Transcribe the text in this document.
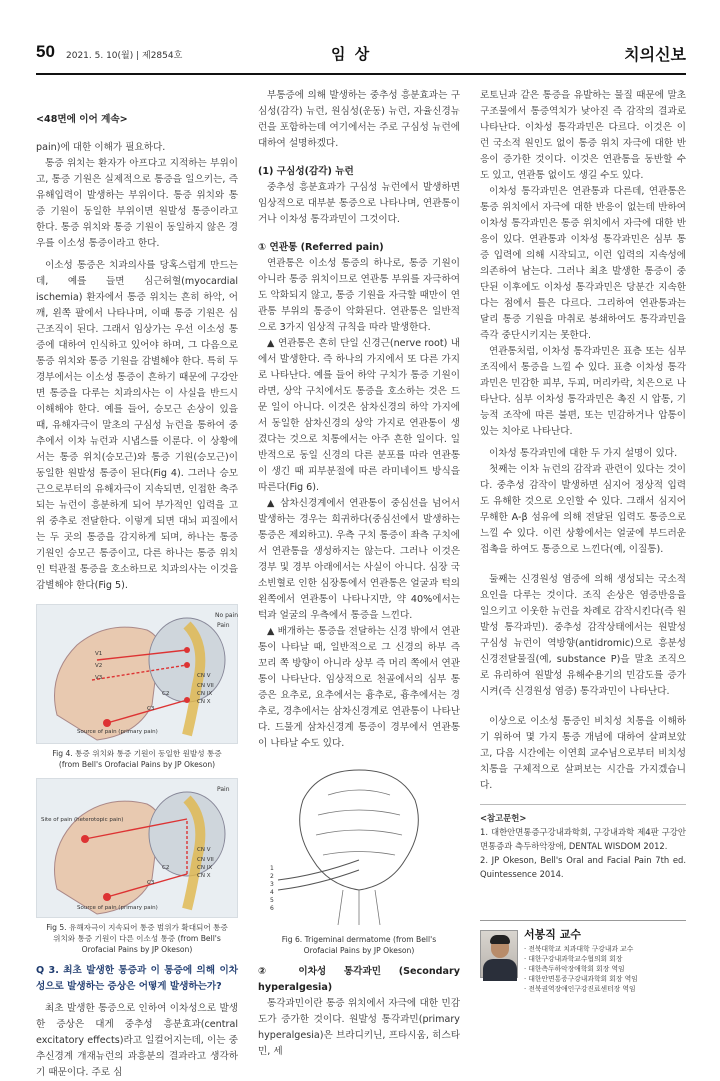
50 2021. 5. 10(월) | 제2854호	임 상	치의신보

<48면에 이어 계속>

pain)에 대한 이해가 필요하다.

통증 위치는 환자가 아프다고 지적하는 부위이고, 통증 기원은 실제적으로 통증을 일으키는, 즉 유해입력이 발생하는 부위이다. 통증 위치와 통증 기원이 동일한 부위이면 원발성 통증이라고 한다. 통증 위치와 통증 기원이 동일하지 않은 경우를 이소성 통증이라고 한다.

이소성 통증은 치과의사를 당혹스럽게 만드는데, 예를 들면 심근허혈(myocardial ischemia) 환자에서 통증 위치는 흔히 하악, 어깨, 왼쪽 팔에서 나타나며, 이때 통증 기원은 심근조직이 된다. 그래서 임상가는 우선 이소성 통증에 대하여 인식하고 있어야 하며, 그 다음으로 통증 위치와 통증 기원을 감별해야 한다. 특히 두경부에서는 이소성 통증이 흔하기 때문에 구강안면 통증을 다루는 치과의사는 이 사실을 반드시 이해해야 한다. 예를 들어, 승모근 손상이 있을 때, 유해자극이 말초의 구심성 뉴런을 통하여 중추에서 이차 뉴런과 시냅스를 이룬다. 이 상황에서는 통증 위치(승모근)와 통증 기원(승모근)이 동일한 원발성 통증이 된다(Fig 4). 그러나 승모근으로부터의 유해자극이 지속되면, 인접한 축주되는 뉴런이 흥분하게 되어 부가적인 입력을 고위 중추로 전달한다. 이렇게 되면 대뇌 피질에서는 두 곳의 통증을 감지하게 되며, 하나는 통증 기원인 승모근 통증이고, 다른 하나는 통증 위치인 턱관절 통증을 호소하므로 치과의사는 이것을 감별해야 한다(Fig 5).

No pain
Pain
CN V
CN VII
CN IX
CN X
C2
C3
V1
V2
V3
Source of pain (primary pain)
Fig 4. 통증 위치와 통증 기원이 동일한 원발성 통증 (from Bell's Orofacial Pains by JP Okeson)
Pain
Site of pain (heterotopic pain)
CN V
CN VII
CN IX
CN X
C2
C3
Source of pain (primary pain)
Fig 5. 유해자극이 지속되어 통증 범위가 확대되어 통증 위치와 통증 기원이 다른 이소성 통증 (from Bell's Orofacial Pains by JP Okeson)

Q 3. 최초 발생한 통증과 이 통증에 의해 이차성으로 발생하는 증상은 어떻게 발생하는가?

최초 발생한 통증으로 인하여 이차성으로 발생한 증상은 대게 중추성 흥분효과(central excitatory effects)라고 일컬어지는데, 이는 중추신경계 개재뉴런의 과흥분의 결과라고 생각하기 때문이다. 주로 심

부통증에 의해 발생하는 중추성 흥분효과는 구심성(감각) 뉴런, 원심성(운동) 뉴런, 자율신경뉴런을 포함하는데 여기에서는 주로 구심성 뉴런에 대하여 설명하겠다.

(1) 구심성(감각) 뉴런

중추성 흥분효과가 구심성 뉴런에서 발생하면 임상적으로 대부분 통증으로 나타나며, 연관통이거나 이차성 통각과민이 그것이다.

① 연관통 (Referred pain)

연관통은 이소성 통증의 하나로, 통증 기원이 아니라 통증 위치이므로 연관통 부위를 자극하여도 악화되지 않고, 통증 기원을 자극할 때만이 연관통 부위의 통증이 악화된다. 연관통은 일반적으로 3가지 임상적 규칙을 따라 발생한다.

▲ 연관통은 흔히 단일 신경근(nerve root) 내에서 발생한다. 즉 하나의 가지에서 또 다른 가지로 나타난다. 예를 들어 하악 구치가 통증 기원이라면, 상악 구치에서도 통증을 호소하는 것은 드문 일이 아니다. 이것은 삼차신경의 하악 가지에서 동일한 삼차신경의 상악 가지로 연관통이 생겼다는 것으로 치통에서는 아주 흔한 일이다. 일반적으로 동일 신경의 다른 분포를 따라 연관통이 생긴 때 피부분절에 따른 라미네이트 방식을 따른다(Fig 6).

▲ 삼차신경계에서 연관통이 중심선을 넘어서 발생하는 경우는 희귀하다(중심선에서 발생하는 통증은 제외하고). 우측 구치 통증이 좌측 구치에서 연관통을 생성하지는 않는다. 그러나 이것은 경부 및 경부 아래에서는 사실이 아니다. 심장 국소빈혈로 인한 심장통에서 연관통은 얼굴과 턱의 왼쪽에서 연관통이 나타나지만, 약 40%에서는 턱과 얼굴의 우측에서 통증을 느낀다.

▲ 배개하는 통증을 전달하는 신경 밖에서 연관통이 나타날 때, 일반적으로 그 신경의 하부 즉 꼬리 쪽 방향이 아니라 상부 즉 머리 쪽에서 연관통이 나타난다. 임상적으로 천골에서의 심부 통증은 요추로, 요추에서는 흉추로, 흉추에서는 경추로, 경추에서는 삼차신경계로 연관통이 나타난다. 드물게 삼차신경계 통증이 경부에서 연관통이 나타날 수도 있다.

1
2
3
4
5
6
Fig 6. Trigeminal dermatome (from Bell's Orofacial Pains by JP Okeson)

② 이차성 통각과민 (Secondary hyperalgesia)

통각과민이란 통증 위치에서 자극에 대한 민감도가 증가한 것이다. 원발성 통각과민(primary hyperalgesia)은 브라디키닌, 프타시움, 히스타민, 세

로토닌과 같은 통증을 유발하는 물질 때문에 말초 구조물에서 통증역치가 낮아진 즉 감작의 결과로 나타난다. 이차성 통각과민은 다르다. 이것은 이런 국소적 원인도 없이 통증 위치 자극에 대한 반응이 증가한 것이다. 이것은 연관통을 동반할 수도 있고, 연관통 없이도 생길 수도 있다.

이차성 통각과민은 연관통과 다른데, 연관통은 통증 위치에서 자극에 대한 반응이 없는데 반하여 이차성 통각과민은 통증 위치에서 자극에 대한 반응이 있다. 연관통과 이차성 통각과민은 심부 통증 입력에 의해 시작되고, 이런 입력의 지속성에 의존하여 남는다. 그러나 최초 발생한 통증이 중단된 이후에도 이차성 통각과민은 당분간 지속한다는 점에서 틀은 다르다. 그리하여 연관통과는 달리 통증 기원을 마취로 봉쇄하여도 통각과민을 즉각 중단시키지는 못한다.

연관통처럼, 이차성 통각과민은 표층 또는 심부 조직에서 통증을 느낄 수 있다. 표층 이차성 통각과민은 민감한 피부, 두피, 머리카락, 치은으로 나타난다. 심부 이차성 통각과민은 촉진 시 압통, 기능적 조작에 따른 불편, 또는 민감하거나 압통이 있는 치아로 나타난다.

이차성 통각과민에 대한 두 가지 설명이 있다.

첫째는 이차 뉴런의 감작과 관련이 있다는 것이다. 중추성 감작이 발생하면 심지어 정상적 입력도 유해한 것으로 오인할 수 있다. 그래서 심지어 무해한 A-β 섬유에 의해 전달된 입력도 통증으로 느낄 수 있다. 이런 상황에서는 얼굴에 부드러운 접촉을 하여도 통증으로 느낀다(예, 이질통).

둘째는 신경원성 염증에 의해 생성되는 국소적 요인을 다루는 것이다. 조직 손상은 염증반응을 일으키고 이웃한 뉴런을 차례로 감작시킨다(즉 원발성 통각과민). 중추성 감작상태에서는 원발성 구심성 뉴런이 역방향(antidromic)으로 흥분성 신경전달물질(예, substance P)을 말초 조직으로 유리하여 원발성 유해수용기의 민감도를 증가시켜(즉 신경원성 염증) 통각과민이 나타난다.

이상으로 이소성 통증인 비치성 치통을 이해하기 위하여 몇 가지 통증 개념에 대하여 살펴보았고, 다음 시간에는 이연희 교수님으로부터 비치성 치통을 구체적으로 살펴보는 시간을 가지겠습니다.

<참고문헌>
1. 대한안면통증구강내과학회, 구강내과학 제4판 구강안면통증과 측두하악장애, DENTAL WISDOM 2012.
2. JP Okeson, Bell's Oral and Facial Pain 7th ed. Quintessence 2014.
서봉직 교수
· 전북대학교 치과대학 구강내과 교수
· 대한구강내과학교수협의회 회장
· 대한측두하악장애학회 회장 역임
· 대한안면통증구강내과학회 회장 역임
· 전북권역장애인구강진료센터장 역임
